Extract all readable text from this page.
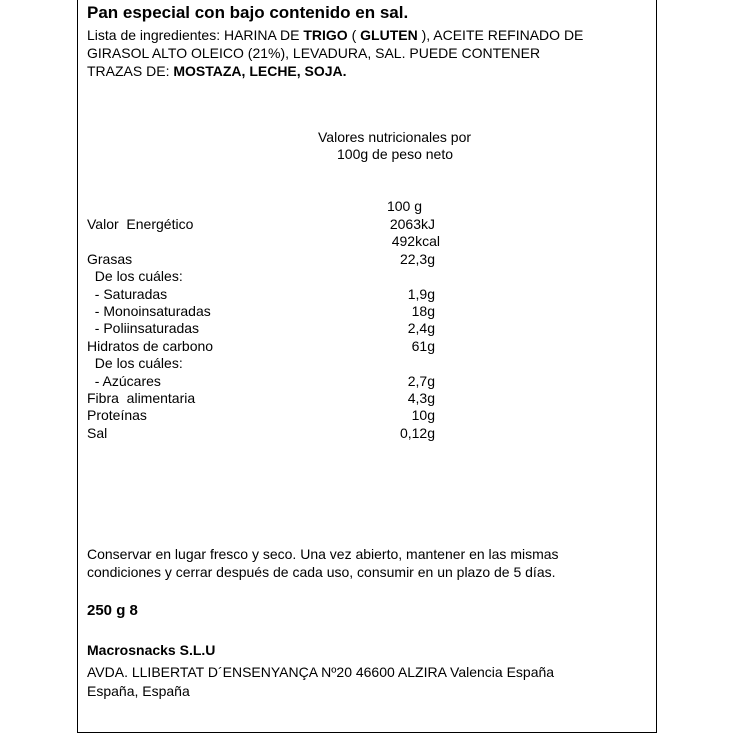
Pan especial con bajo contenido en sal.
Lista de ingredientes: HARINA DE TRIGO ( GLUTEN ), ACEITE REFINADO DE
GIRASOL ALTO OLEICO (21%), LEVADURA, SAL. PUEDE CONTENER
TRAZAS DE: MOSTAZA, LECHE, SOJA.
Valores nutricionales por
100g de peso neto
100 g
Valor  Energético	2063kJ
492kcal
Grasas	22,3g
De los cuáles:
- Saturadas	1,9g
- Monoinsaturadas	18g
- Poliinsaturadas	2,4g
Hidratos de carbono	61g
De los cuáles:
- Azúcares	2,7g
Fibra  alimentaria	4,3g
Proteínas	10g
Sal	0,12g
Conservar en lugar fresco y seco. Una vez abierto, mantener en las mismas
condiciones y cerrar después de cada uso, consumir en un plazo de 5 días.
250 g 8
Macrosnacks S.L.U
AVDA. LLIBERTAT D´ENSENYANÇA Nº20 46600 ALZIRA Valencia España
España, España
